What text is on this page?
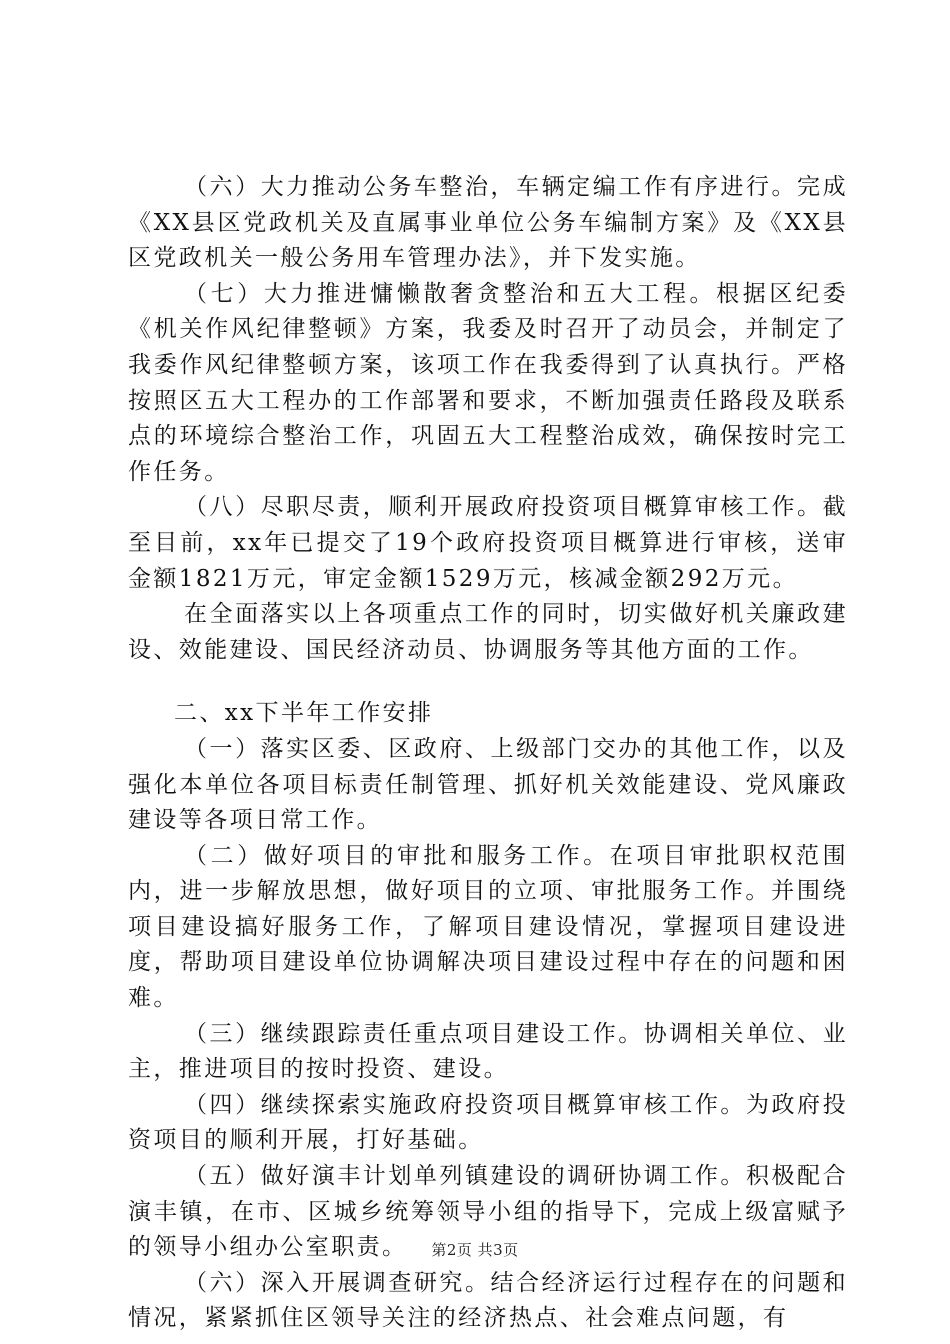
（六）大力推动公务车整治，车辆定编工作有序进行。完成《XX县区党政机关及直属事业单位公务车编制方案》及《XX县区党政机关一般公务用车管理办法》，并下发实施。

（七）大力推进慵懒散奢贪整治和五大工程。根据区纪委《机关作风纪律整顿》方案，我委及时召开了动员会，并制定了我委作风纪律整顿方案，该项工作在我委得到了认真执行。严格按照区五大工程办的工作部署和要求，不断加强责任路段及联系点的环境综合整治工作，巩固五大工程整治成效，确保按时完工作任务。

（八）尽职尽责，顺利开展政府投资项目概算审核工作。截至目前，xx年已提交了19个政府投资项目概算进行审核，送审金额1821万元，审定金额1529万元，核减金额292万元。

在全面落实以上各项重点工作的同时，切实做好机关廉政建设、效能建设、国民经济动员、协调服务等其他方面的工作。

二、xx下半年工作安排

（一）落实区委、区政府、上级部门交办的其他工作，以及强化本单位各项目标责任制管理、抓好机关效能建设、党风廉政建设等各项日常工作。

（二）做好项目的审批和服务工作。在项目审批职权范围内，进一步解放思想，做好项目的立项、审批服务工作。并围绕项目建设搞好服务工作，了解项目建设情况，掌握项目建设进度，帮助项目建设单位协调解决项目建设过程中存在的问题和困难。

（三）继续跟踪责任重点项目建设工作。协调相关单位、业主，推进项目的按时投资、建设。

（四）继续探索实施政府投资项目概算审核工作。为政府投资项目的顺利开展，打好基础。

（五）做好演丰计划单列镇建设的调研协调工作。积极配合演丰镇，在市、区城乡统筹领导小组的指导下，完成上级富赋予的领导小组办公室职责。

（六）深入开展调查研究。结合经济运行过程存在的问题和情况，紧紧抓住区领导关注的经济热点、社会难点问题，有

第2页 共3页
